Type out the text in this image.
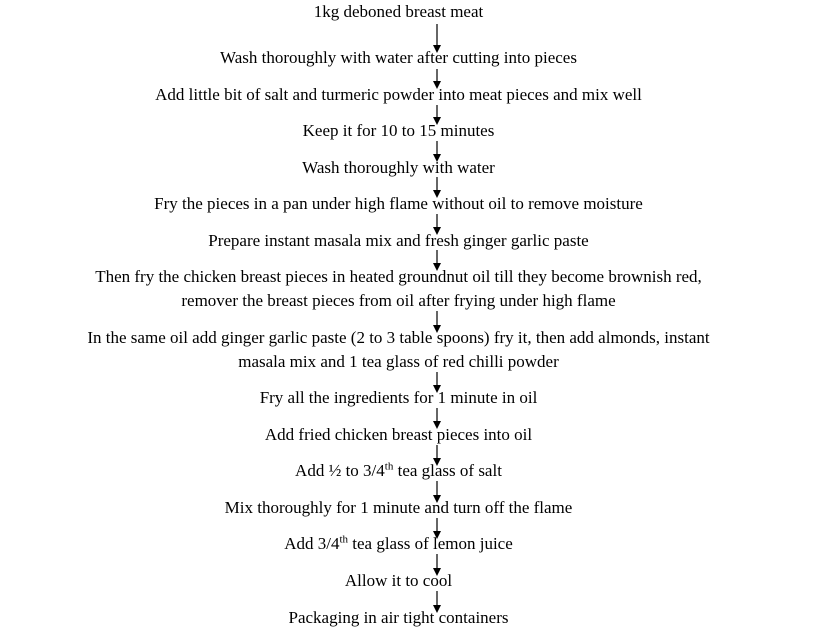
1kg deboned breast meat
Wash thoroughly with water after cutting into pieces
Add little bit of salt and turmeric powder into meat pieces and mix well
Keep it for 10 to 15 minutes
Wash thoroughly with water
Fry the pieces in a pan under high flame without oil to remove moisture
Prepare instant masala mix and fresh ginger garlic paste
Then fry the chicken breast pieces in heated groundnut oil till they become brownish red,
remover the breast pieces from oil after frying under high flame
In the same oil add ginger garlic paste (2 to 3 table spoons) fry it, then add almonds, instant
masala mix and 1 tea glass of red chilli powder
Fry all the ingredients for 1 minute in oil
Add fried chicken breast pieces into oil
Add ½ to 3/4th tea glass of salt
Mix thoroughly for 1 minute and turn off the flame
Add 3/4th tea glass of lemon juice
Allow it to cool
Packaging in air tight containers
